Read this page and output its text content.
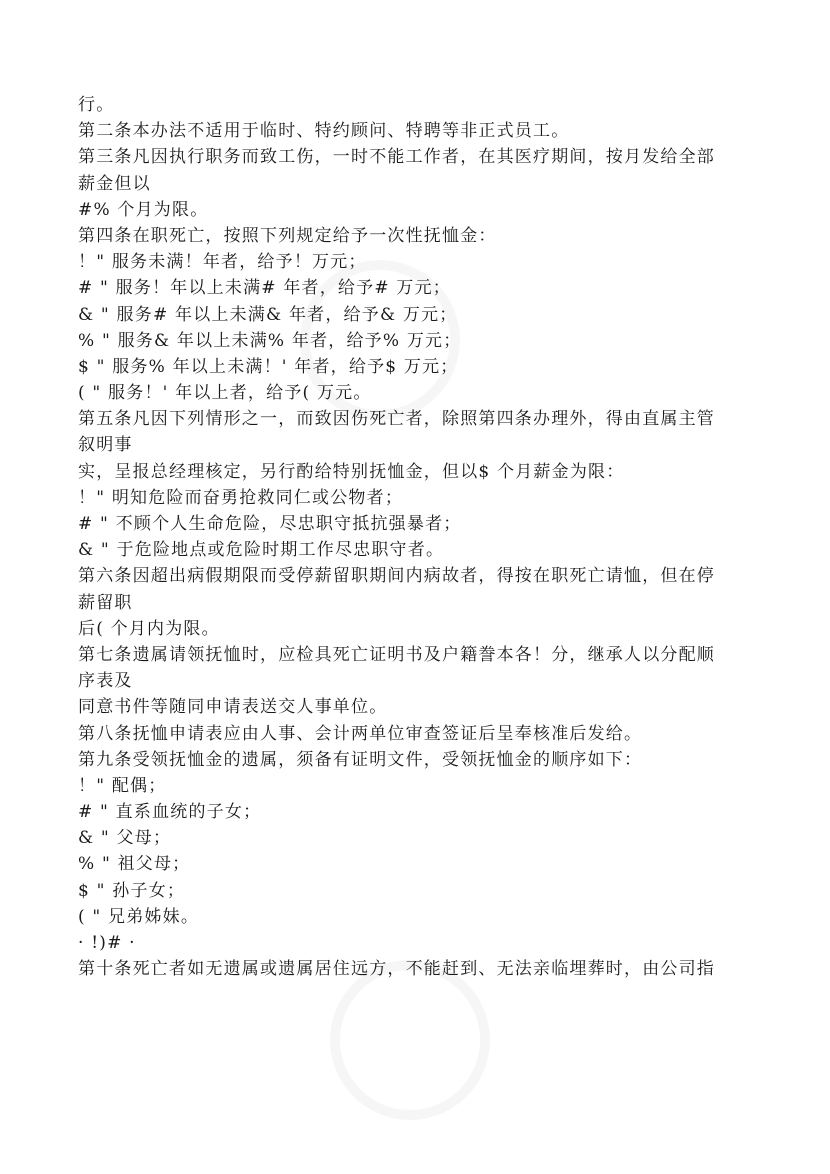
行。
第二条本办法不适用于临时、特约顾问、特聘等非正式员工。
第三条凡因执行职务而致工伤，一时不能工作者，在其医疗期间，按月发给全部
薪金但以
#% 个月为限。
第四条在职死亡，按照下列规定给予一次性抚恤金：
！" 服务未满！年者，给予！万元；
# " 服务！年以上未满# 年者，给予# 万元；
& " 服务# 年以上未满& 年者，给予& 万元；
% " 服务& 年以上未满% 年者，给予% 万元；
$ " 服务% 年以上未满！' 年者，给予$ 万元；
( " 服务！' 年以上者，给予( 万元。
第五条凡因下列情形之一，而致因伤死亡者，除照第四条办理外，得由直属主管
叙明事
实，呈报总经理核定，另行酌给特别抚恤金，但以$ 个月薪金为限：
！" 明知危险而奋勇抢救同仁或公物者；
# " 不顾个人生命危险，尽忠职守抵抗强暴者；
& " 于危险地点或危险时期工作尽忠职守者。
第六条因超出病假期限而受停薪留职期间内病故者，得按在职死亡请恤，但在停
薪留职
后( 个月内为限。
第七条遗属请领抚恤时，应检具死亡证明书及户籍誊本各！分，继承人以分配顺
序表及
同意书件等随同申请表送交人事单位。
第八条抚恤申请表应由人事、会计两单位审查签证后呈奉核准后发给。
第九条受领抚恤金的遗属，须备有证明文件，受领抚恤金的顺序如下：
！" 配偶；
# " 直系血统的子女；
& " 父母；
% " 祖父母；
$ " 孙子女；
( " 兄弟姊妹。
· !)# ·
第十条死亡者如无遗属或遗属居住远方，不能赶到、无法亲临埋葬时，由公司指
